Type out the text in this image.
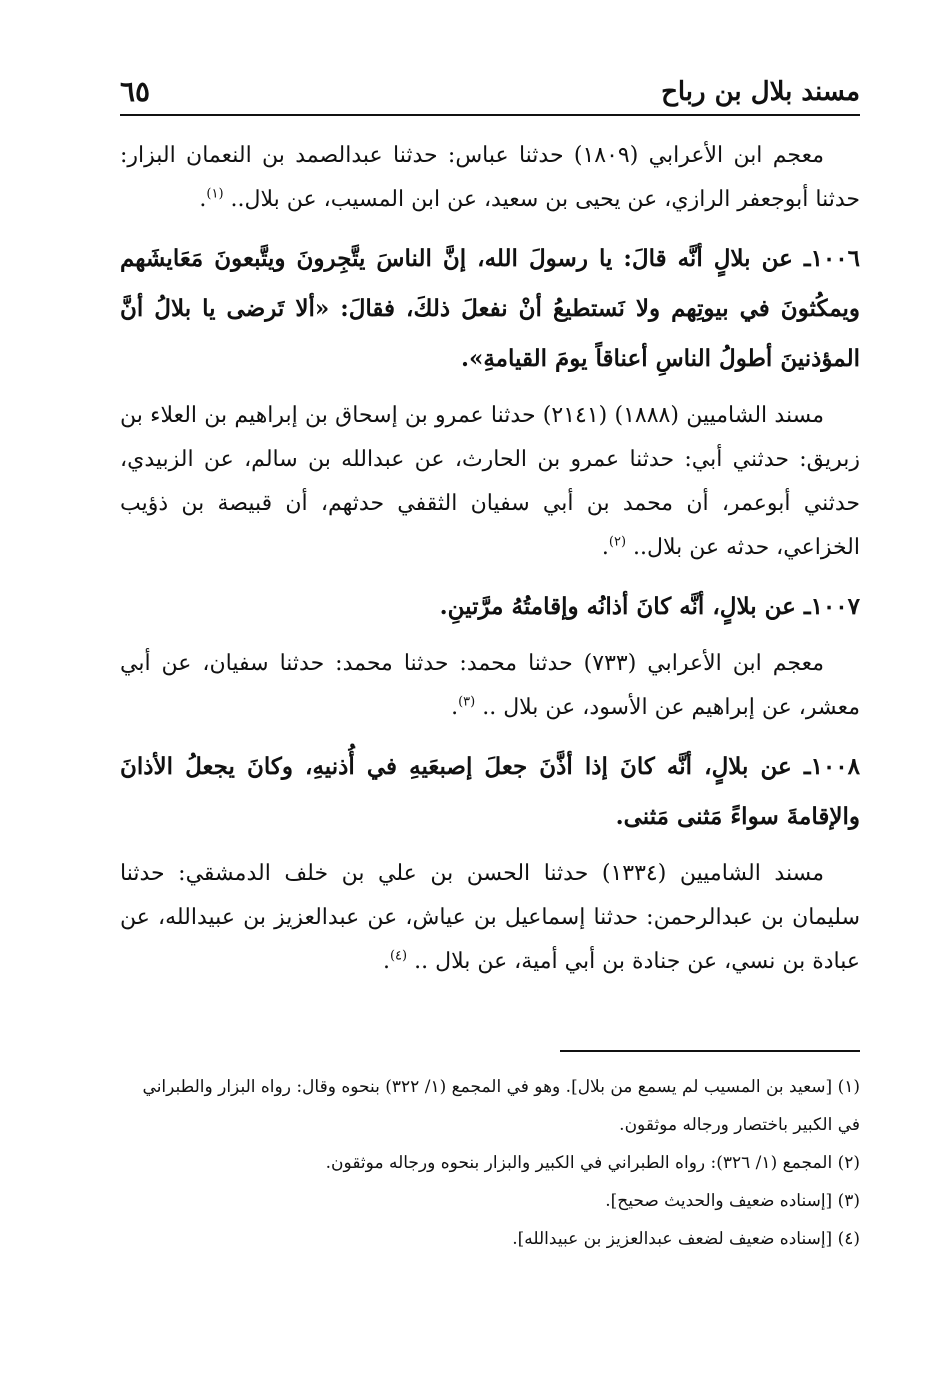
مسند بلال بن رباح
٦٥

معجم ابن الأعرابي (١٨٠٩) حدثنا عباس: حدثنا عبدالصمد بن النعمان البزار: حدثنا أبوجعفر الرازي، عن يحيى بن سعيد، عن ابن المسيب، عن بلال.. $^{(١)}$.

١٠٠٦ـ عن بلالٍ أنَّه قالَ: يا رسولَ الله، إنَّ الناسَ يتَّجِرونَ ويتَّبعونَ مَعَايشَهم ويمكُثونَ في بيوتِهم ولا نَستطيعُ أنْ نفعلَ ذلكَ، فقالَ: «ألا تَرضى يا بلالُ أنَّ المؤذنينَ أطولُ الناسِ أعناقاً يومَ القيامةِ».

مسند الشاميين (١٨٨٨) (٢١٤١) حدثنا عمرو بن إسحاق بن إبراهيم بن العلاء بن زبريق: حدثني أبي: حدثنا عمرو بن الحارث، عن عبدالله بن سالم، عن الزبيدي، حدثني أبوعمر، أن محمد بن أبي سفيان الثقفي حدثهم، أن قبيصة بن ذؤيب الخزاعي، حدثه عن بلال.. $^{(٢)}$.

١٠٠٧ـ عن بلالٍ، أنَّه كانَ أذانُه وإقامتُهُ مرَّتينِ.

معجم ابن الأعرابي (٧٣٣) حدثنا محمد: حدثنا محمد: حدثنا سفيان، عن أبي معشر، عن إبراهيم عن الأسود، عن بلال .. $^{(٣)}$.

١٠٠٨ـ عن بلالٍ، أنَّه كانَ إذا أذَّنَ جعلَ إصبعَيهِ في أُذنيهِ، وكانَ يجعلُ الأذانَ والإقامةَ سواءً مَثنى مَثنى.

مسند الشاميين (١٣٣٤) حدثنا الحسن بن علي بن خلف الدمشقي: حدثنا سليمان بن عبدالرحمن: حدثنا إسماعيل بن عياش، عن عبدالعزيز بن عبيدالله، عن عبادة بن نسي، عن جنادة بن أبي أمية، عن بلال .. $^{(٤)}$.

(١) [سعيد بن المسيب لم يسمع من بلال]. وهو في المجمع (١/ ٣٢٢) بنحوه وقال: رواه البزار والطبراني في الكبير باختصار ورجاله موثقون.

(٢) المجمع (١/ ٣٢٦): رواه الطبراني في الكبير والبزار بنحوه ورجاله موثقون.

(٣) [إسناده ضعيف والحديث صحيح].

(٤) [إسناده ضعيف لضعف عبدالعزيز بن عبيدالله].
